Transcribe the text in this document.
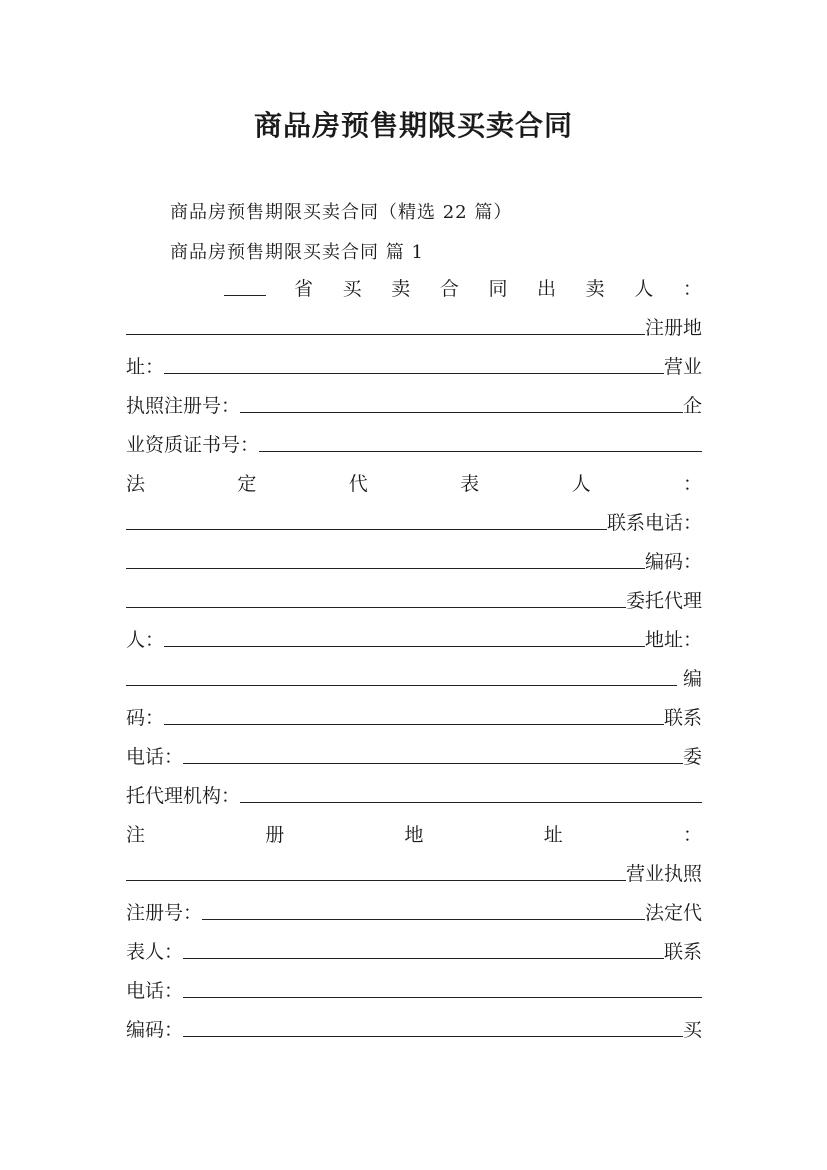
商品房预售期限买卖合同
商品房预售期限买卖合同（精选 22 篇）
商品房预售期限买卖合同 篇 1
省 买 卖 合 同 出 卖 人 ：
注册地
址：	营业
执照注册号：	企
业资质证书号：
法	定	代	表	人	：
联系电话：
编码：
委托代理
人：	地址：
编
码：	联系
电话：	委
托代理机构：
注	册	地	址	：
营业执照
注册号：	法定代
表人：	联系
电话：
编码：	买
